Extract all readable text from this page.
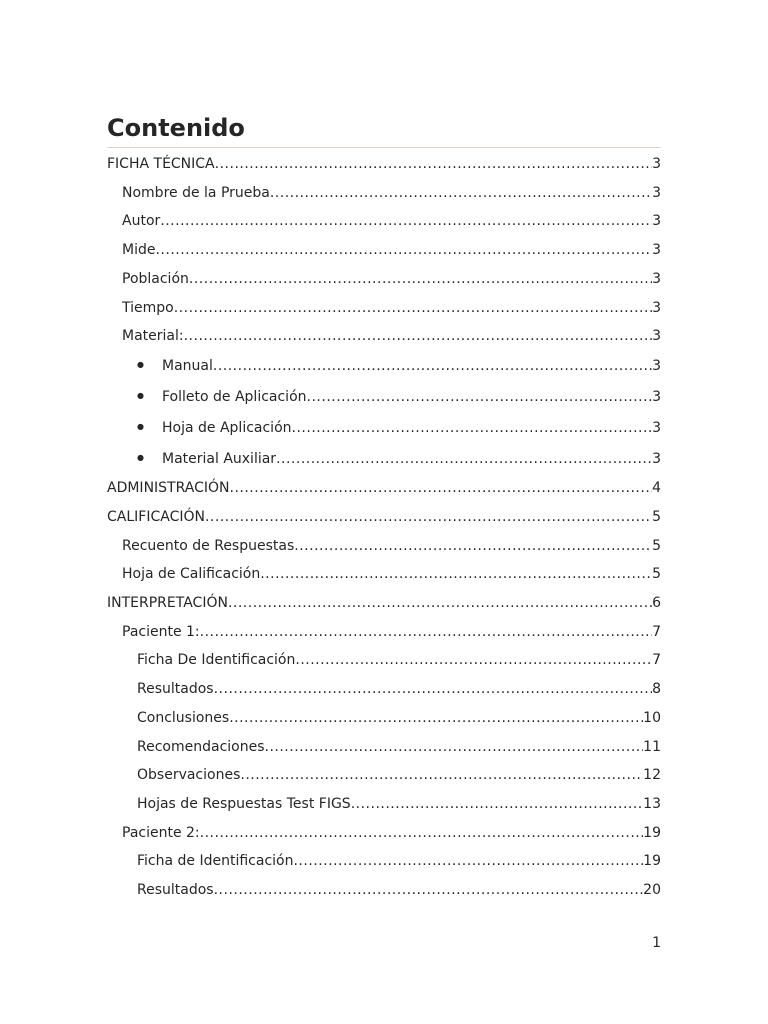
Contenido
FICHA TÉCNICA .....	3
Nombre de la Prueba .....	3
Autor .....	3
Mide .....	3
Población .....	3
Tiempo .....	3
Material: .....	3
Manual .....	3
●
Folleto de Aplicación .....	3
●
Hoja de Aplicación .....	3
●
Material Auxiliar .....	3
●
ADMINISTRACIÓN .....	4
CALIFICACIÓN .....	5
Recuento de Respuestas .....	5
Hoja de Calificación .....	5
INTERPRETACIÓN .....	6
Paciente 1: .....	7
Ficha De Identificación .....	7
Resultados .....	8
Conclusiones .....	10
Recomendaciones .....	11
Observaciones .....	12
Hojas de Respuestas Test FIGS .....	13
Paciente 2: .....	19
Ficha de Identificación .....	19
Resultados .....	20
1
